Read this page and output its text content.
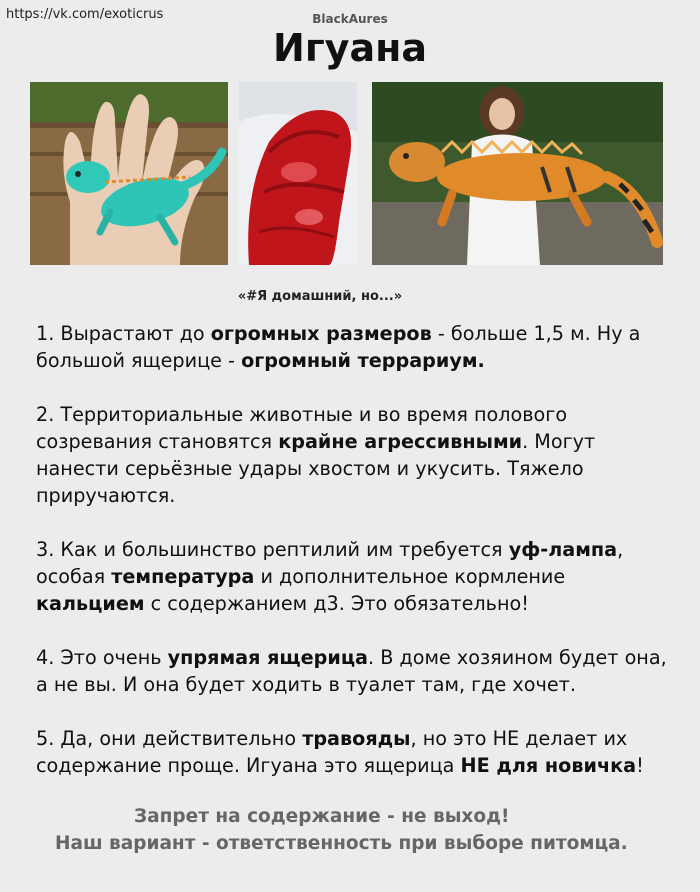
https://vk.com/exoticrus	BlackAures
Игуана
«#Я домашний, но...»

1. Вырастают до огромных размеров - больше 1,5 м. Ну а большой ящерице - огромный террариум.

2. Территориальные животные и во время полового созревания становятся крайне агрессивными. Могут нанести серьёзные удары хвостом и укусить. Тяжело приручаются.

3. Как и большинство рептилий им требуется уф-лампа, особая температура и дополнительное кормление кальцием с содержанием д3. Это обязательно!

4. Это очень упрямая ящерица. В доме хозяином будет она, а не вы. И она будет ходить в туалет там, где хочет.

5. Да, они действительно травояды, но это НЕ делает их содержание проще. Игуана это ящерица НЕ для новичка!

Запрет на содержание - не выход!
Наш вариант - ответственность при выборе питомца.
